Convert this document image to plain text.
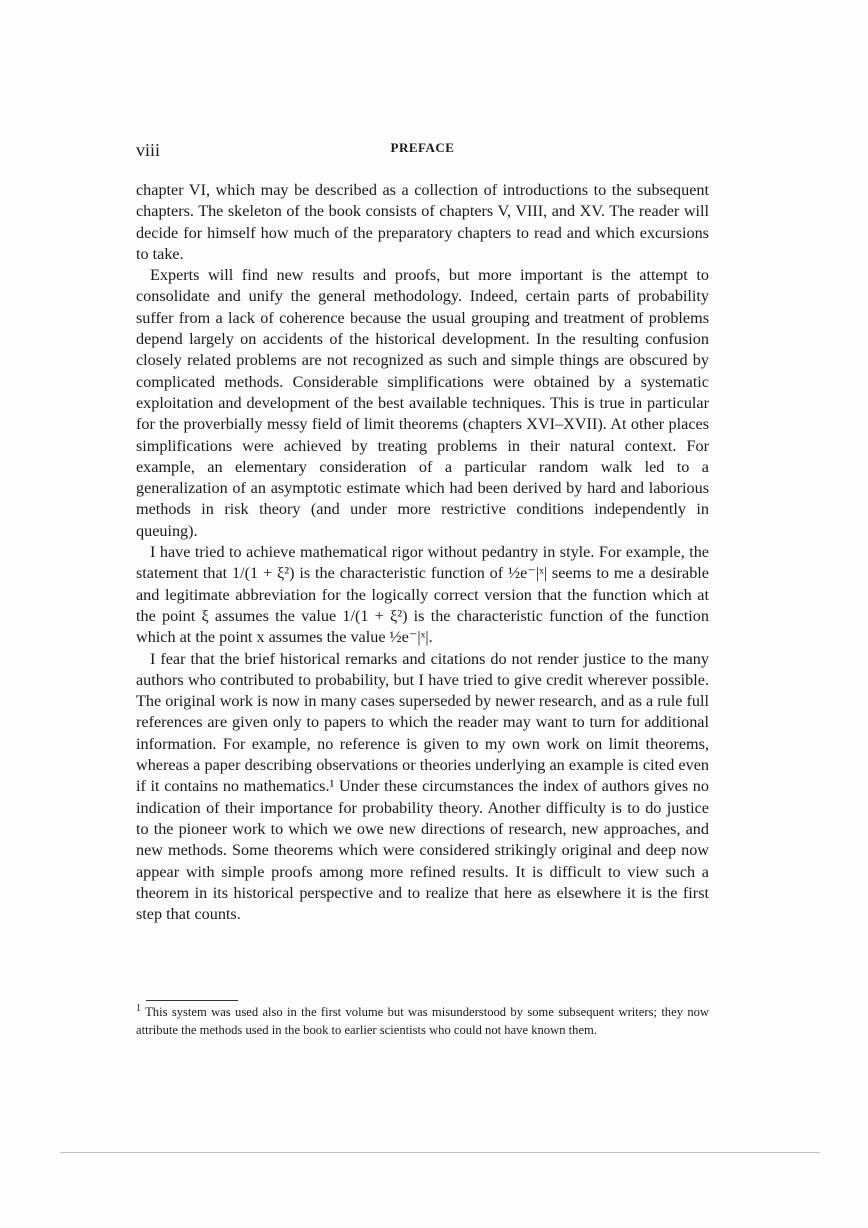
viii	PREFACE

chapter VI, which may be described as a collection of introductions to the subsequent chapters. The skeleton of the book consists of chapters V, VIII, and XV. The reader will decide for himself how much of the preparatory chapters to read and which excursions to take.

Experts will find new results and proofs, but more important is the attempt to consolidate and unify the general methodology. Indeed, certain parts of probability suffer from a lack of coherence because the usual grouping and treatment of problems depend largely on accidents of the historical development. In the resulting confusion closely related problems are not recognized as such and simple things are obscured by complicated methods. Considerable simplifications were obtained by a systematic exploitation and development of the best available techniques. This is true in particular for the proverbially messy field of limit theorems (chapters XVI–XVII). At other places simplifications were achieved by treating problems in their natural context. For example, an elementary consideration of a particular random walk led to a generalization of an asymptotic estimate which had been derived by hard and laborious methods in risk theory (and under more restrictive conditions independently in queuing).

I have tried to achieve mathematical rigor without pedantry in style. For example, the statement that 1/(1 + ξ²) is the characteristic function of ½e⁻|ˣ| seems to me a desirable and legitimate abbreviation for the logically correct version that the function which at the point ξ assumes the value 1/(1 + ξ²) is the characteristic function of the function which at the point x assumes the value ½e⁻|ˣ|.

I fear that the brief historical remarks and citations do not render justice to the many authors who contributed to probability, but I have tried to give credit wherever possible. The original work is now in many cases superseded by newer research, and as a rule full references are given only to papers to which the reader may want to turn for additional information. For example, no reference is given to my own work on limit theorems, whereas a paper describing observations or theories underlying an example is cited even if it contains no mathematics.¹ Under these circumstances the index of authors gives no indication of their importance for probability theory. Another difficulty is to do justice to the pioneer work to which we owe new directions of research, new approaches, and new methods. Some theorems which were considered strikingly original and deep now appear with simple proofs among more refined results. It is difficult to view such a theorem in its historical perspective and to realize that here as elsewhere it is the first step that counts.

$^1$ This system was used also in the first volume but was misunderstood by some subsequent writers; they now attribute the methods used in the book to earlier scientists who could not have known them.
